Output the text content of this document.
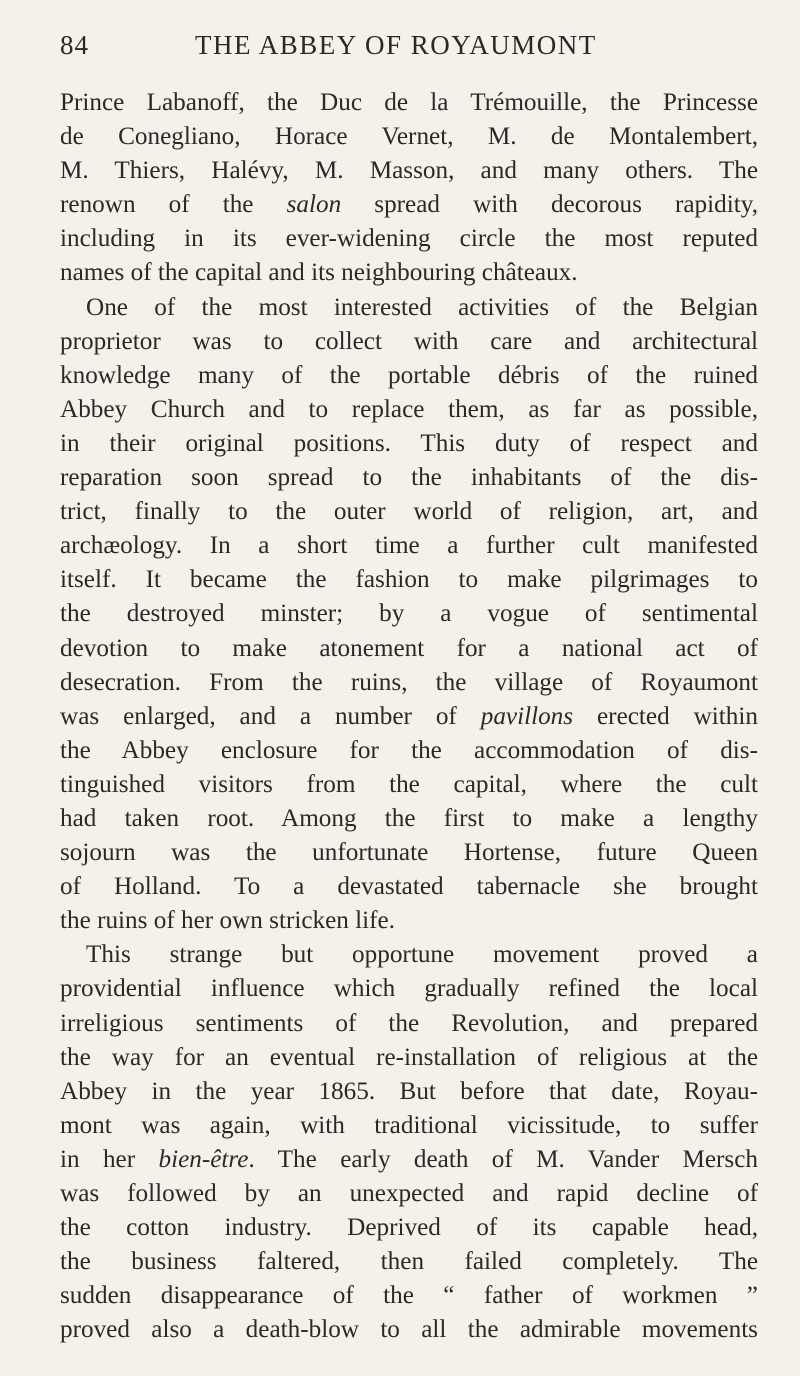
84	THE ABBEY OF ROYAUMONT
Prince Labanoff, the Duc de la Trémouille, the Princesse
de Conegliano, Horace Vernet, M. de Montalembert,
M. Thiers, Halévy, M. Masson, and many others. The
renown of the salon spread with decorous rapidity,
including in its ever-widening circle the most reputed
names of the capital and its neighbouring châteaux.
One of the most interested activities of the Belgian
proprietor was to collect with care and architectural
knowledge many of the portable débris of the ruined
Abbey Church and to replace them, as far as possible,
in their original positions. This duty of respect and
reparation soon spread to the inhabitants of the dis-
trict, finally to the outer world of religion, art, and
archæology. In a short time a further cult manifested
itself. It became the fashion to make pilgrimages to
the destroyed minster; by a vogue of sentimental
devotion to make atonement for a national act of
desecration. From the ruins, the village of Royaumont
was enlarged, and a number of pavillons erected within
the Abbey enclosure for the accommodation of dis-
tinguished visitors from the capital, where the cult
had taken root. Among the first to make a lengthy
sojourn was the unfortunate Hortense, future Queen
of Holland. To a devastated tabernacle she brought
the ruins of her own stricken life.
This strange but opportune movement proved a
providential influence which gradually refined the local
irreligious sentiments of the Revolution, and prepared
the way for an eventual re-installation of religious at the
Abbey in the year 1865. But before that date, Royau-
mont was again, with traditional vicissitude, to suffer
in her bien-être. The early death of M. Vander Mersch
was followed by an unexpected and rapid decline of
the cotton industry. Deprived of its capable head,
the business faltered, then failed completely. The
sudden disappearance of the “ father of workmen ”
proved also a death-blow to all the admirable movements
